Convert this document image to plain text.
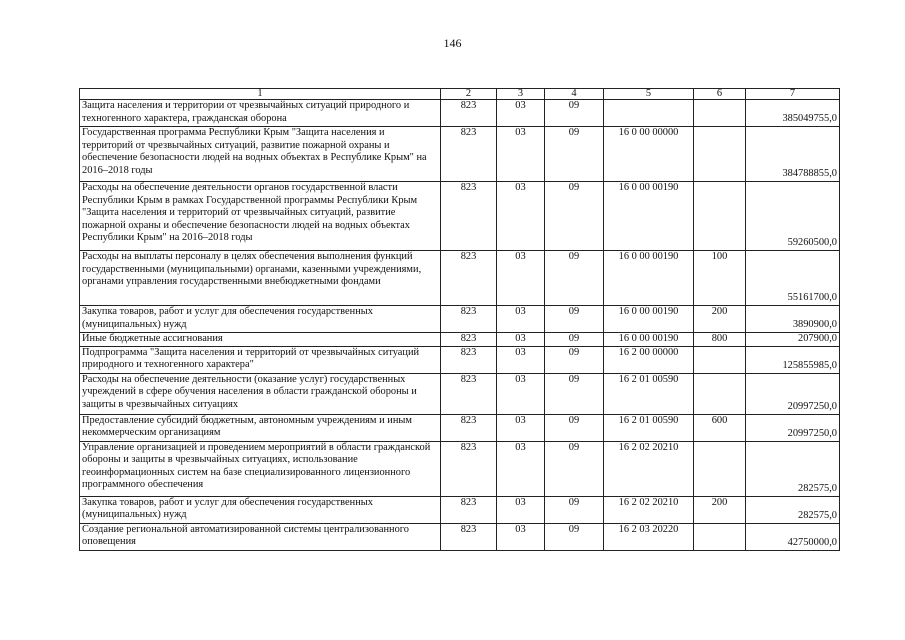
146
1	2	3	4	5	6	7
Защита населения и территории от чрезвычайных ситуаций природного и техногенного характера, гражданская оборона	823	03	09			385049755,0
Государственная программа Республики Крым "Защита населения и территорий от чрезвычайных ситуаций, развитие пожарной охраны и обеспечение безопасности людей на водных объектах в Республике Крым" на 2016–2018 годы	823	03	09	16 0 00 00000		384788855,0
Расходы на обеспечение деятельности органов государственной власти Республики Крым в рамках Государственной программы Республики Крым "Защита населения и территорий от чрезвычайных ситуаций, развитие пожарной охраны и обеспечение безопасности людей на водных объектах Республики Крым" на 2016–2018 годы	823	03	09	16 0 00 00190		59260500,0
Расходы на выплаты персоналу в целях обеспечения выполнения функций государственными (муниципальными) органами, казенными учреждениями, органами управления государственными внебюджетными фондами	823	03	09	16 0 00 00190	100	55161700,0
Закупка товаров, работ и услуг для обеспечения государственных (муниципальных) нужд	823	03	09	16 0 00 00190	200	3890900,0
Иные бюджетные ассигнования	823	03	09	16 0 00 00190	800	207900,0
Подпрограмма "Защита населения и территорий от чрезвычайных ситуаций природного и техногенного характера"	823	03	09	16 2 00 00000		125855985,0
Расходы на обеспечение деятельности (оказание услуг) государственных учреждений в сфере обучения населения в области гражданской обороны и защиты в чрезвычайных ситуациях	823	03	09	16 2 01 00590		20997250,0
Предоставление субсидий бюджетным, автономным учреждениям и иным некоммерческим организациям	823	03	09	16 2 01 00590	600	20997250,0
Управление организацией и проведением мероприятий в области гражданской обороны и защиты в чрезвычайных ситуациях, использование геоинформационных систем на базе специализированного лицензионного программного обеспечения	823	03	09	16 2 02 20210		282575,0
Закупка товаров, работ и услуг для обеспечения государственных (муниципальных) нужд	823	03	09	16 2 02 20210	200	282575,0
Создание региональной автоматизированной системы централизованного оповещения	823	03	09	16 2 03 20220		42750000,0
